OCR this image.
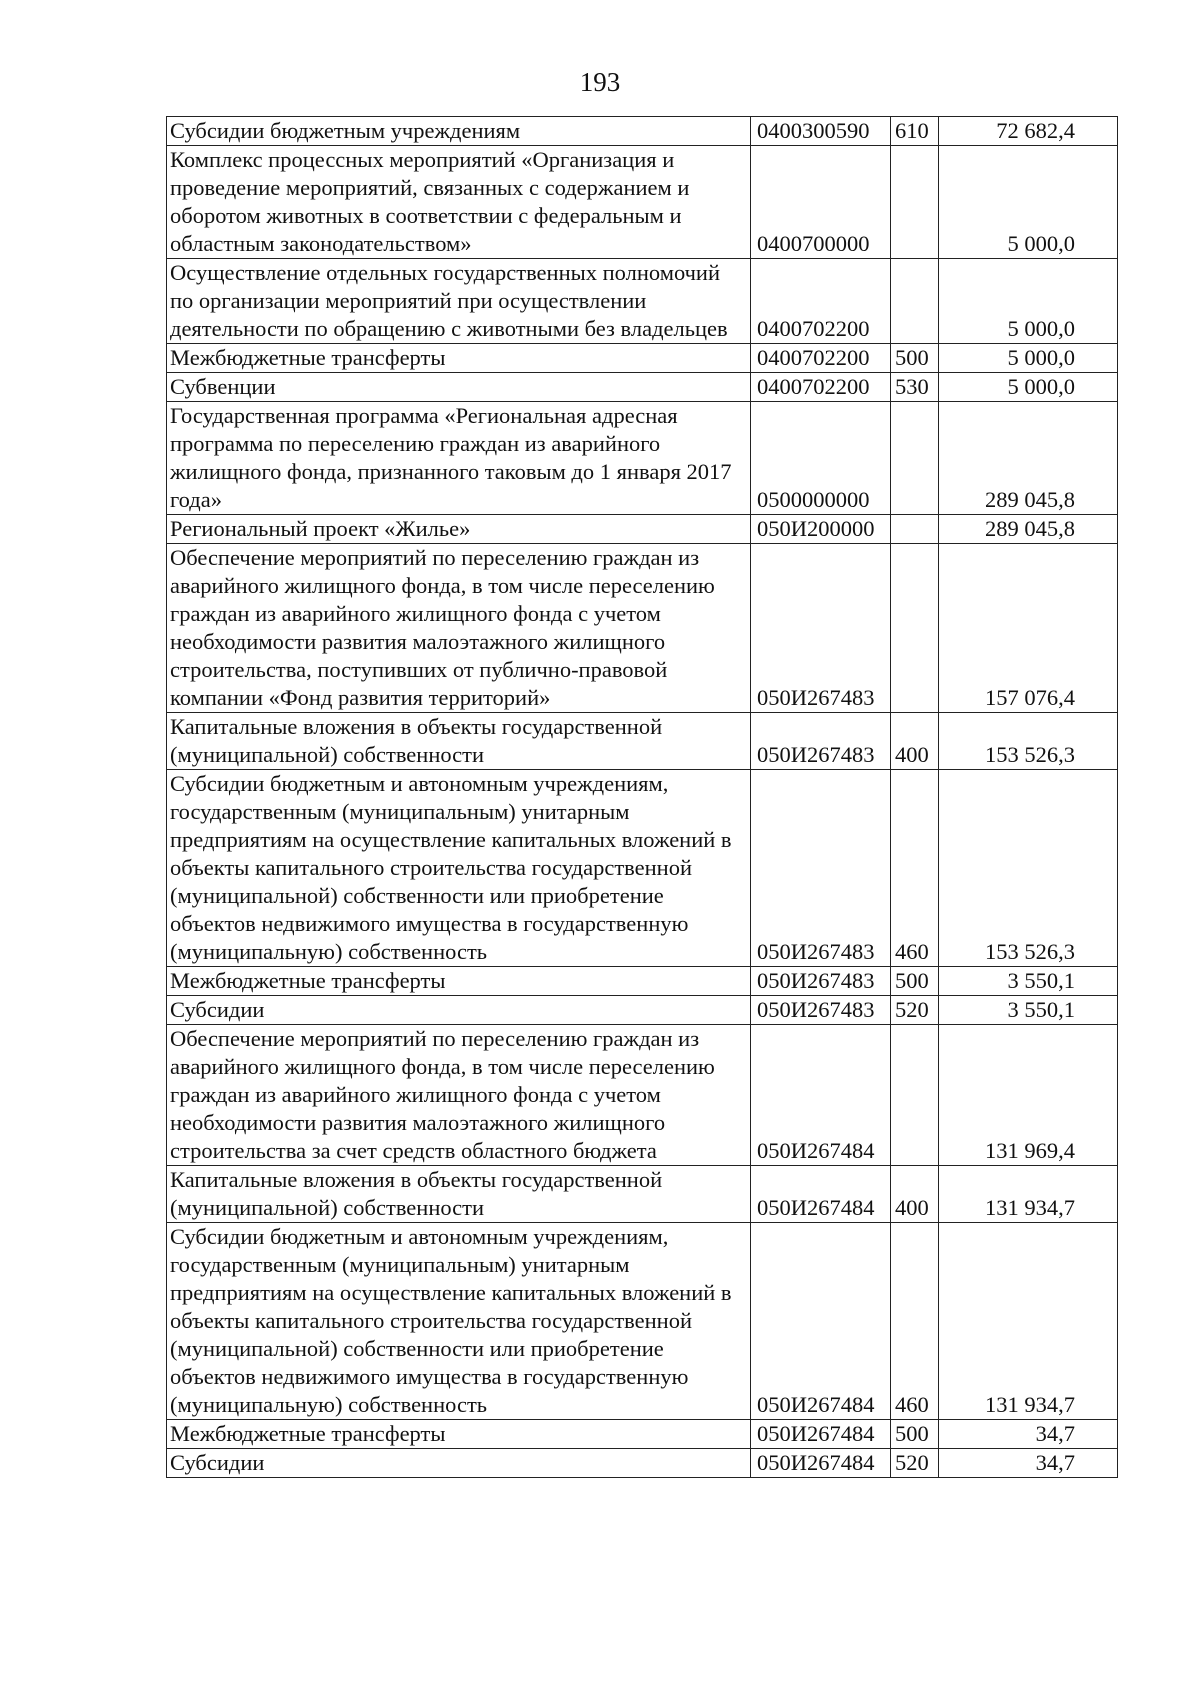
193
Субсидии бюджетным учреждениям	0400300590	610	72 682,4
Комплекс процессных мероприятий «Организация и проведение мероприятий, связанных с содержанием и оборотом животных в соответствии с федеральным и областным законодательством»	0400700000		5 000,0
Осуществление отдельных государственных полномочий по организации мероприятий при осуществлении деятельности по обращению с животными без владельцев	0400702200		5 000,0
Межбюджетные трансферты	0400702200	500	5 000,0
Субвенции	0400702200	530	5 000,0
Государственная программа «Региональная адресная программа по переселению граждан из аварийного жилищного фонда, признанного таковым до 1 января 2017 года»	0500000000		289 045,8
Региональный проект «Жилье»	050И200000		289 045,8
Обеспечение мероприятий по переселению граждан из аварийного жилищного фонда, в том числе переселению граждан из аварийного жилищного фонда с учетом необходимости развития малоэтажного жилищного строительства, поступивших от публично-правовой компании «Фонд развития территорий»	050И267483		157 076,4
Капитальные вложения в объекты государственной (муниципальной) собственности	050И267483	400	153 526,3
Субсидии бюджетным и автономным учреждениям, государственным (муниципальным) унитарным предприятиям на осуществление капитальных вложений в объекты капитального строительства государственной (муниципальной) собственности или приобретение объектов недвижимого имущества в государственную (муниципальную) собственность	050И267483	460	153 526,3
Межбюджетные трансферты	050И267483	500	3 550,1
Субсидии	050И267483	520	3 550,1
Обеспечение мероприятий по переселению граждан из аварийного жилищного фонда, в том числе переселению граждан из аварийного жилищного фонда с учетом необходимости развития малоэтажного жилищного строительства за счет средств областного бюджета	050И267484		131 969,4
Капитальные вложения в объекты государственной (муниципальной) собственности	050И267484	400	131 934,7
Субсидии бюджетным и автономным учреждениям, государственным (муниципальным) унитарным предприятиям на осуществление капитальных вложений в объекты капитального строительства государственной (муниципальной) собственности или приобретение объектов недвижимого имущества в государственную (муниципальную) собственность	050И267484	460	131 934,7
Межбюджетные трансферты	050И267484	500	34,7
Субсидии	050И267484	520	34,7
